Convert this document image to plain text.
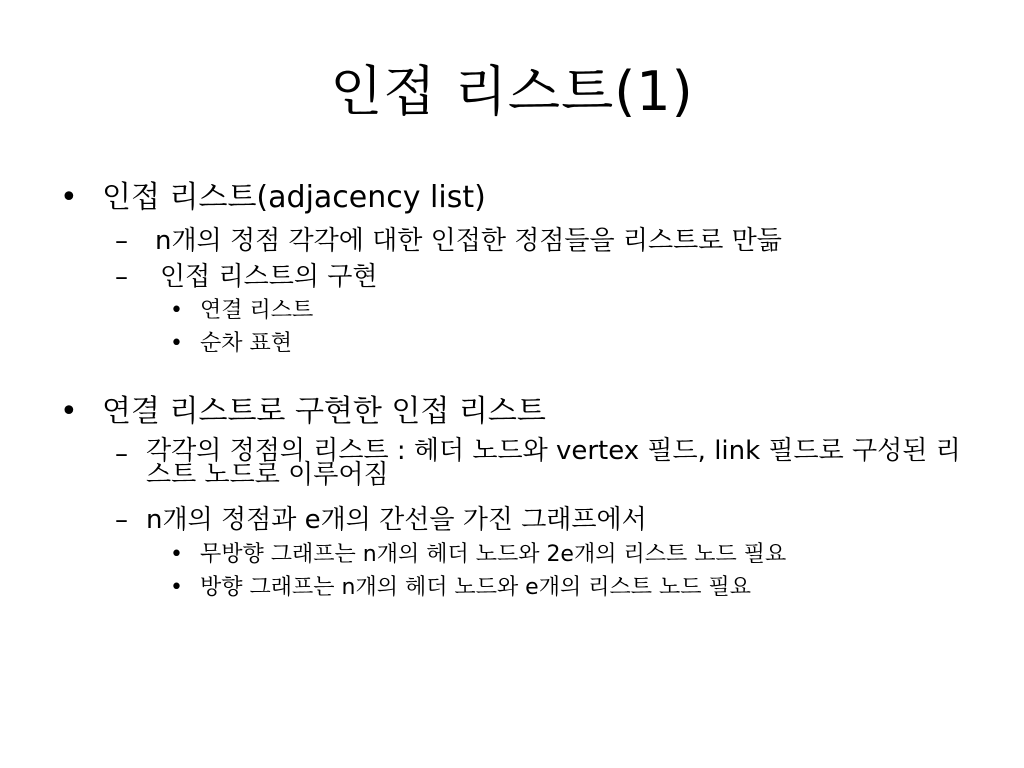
인접 리스트(1)
• 인접 리스트(adjacency list)
– n개의 정점 각각에 대한 인접한 정점들을 리스트로 만듦
– 인접 리스트의 구현
• 연결 리스트
• 순차 표현
• 연결 리스트로 구현한 인접 리스트
– 각각의 정점의 리스트 : 헤더 노드와 vertex 필드, link 필드로 구성된 리스트 노드로 이루어짐
– n개의 정점과 e개의 간선을 가진 그래프에서
• 무방향 그래프는 n개의 헤더 노드와 2e개의 리스트 노드 필요
• 방향 그래프는 n개의 헤더 노드와 e개의 리스트 노드 필요
